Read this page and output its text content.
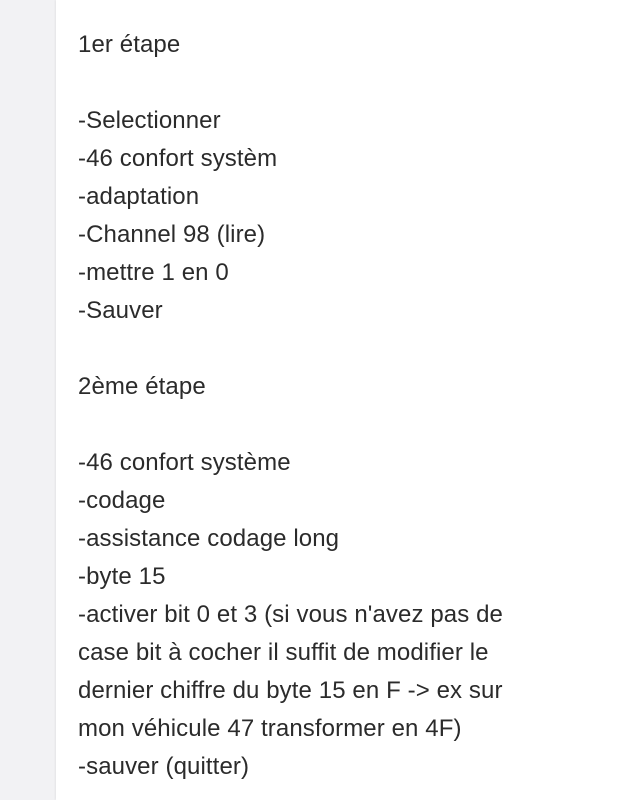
1er étape
-Selectionner
-46 confort systèm
-adaptation
-Channel 98 (lire)
-mettre 1 en 0
-Sauver
2ème étape
-46 confort système
-codage
-assistance codage long
-byte 15
-activer bit 0 et 3 (si vous n'avez pas de
case bit à cocher il suffit de modifier le
dernier chiffre du byte 15 en F -> ex sur
mon véhicule 47 transformer en 4F)
-sauver (quitter)
